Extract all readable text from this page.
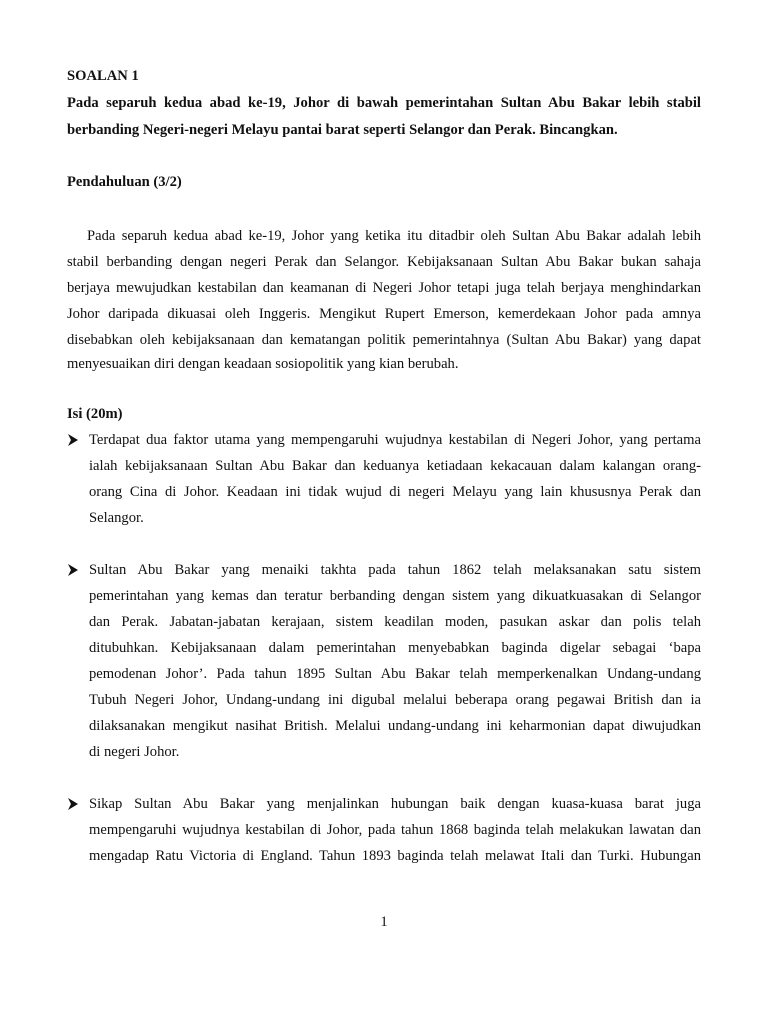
SOALAN 1
Pada separuh kedua abad ke-19, Johor di bawah pemerintahan Sultan Abu Bakar lebih stabil
berbanding Negeri-negeri Melayu pantai barat seperti Selangor dan Perak. Bincangkan.
Pendahuluan (3/2)
Pada separuh kedua abad ke-19, Johor yang ketika itu ditadbir oleh Sultan Abu Bakar adalah lebih
stabil berbanding dengan negeri Perak dan Selangor. Kebijaksanaan Sultan Abu Bakar bukan sahaja
berjaya mewujudkan kestabilan dan keamanan di Negeri Johor tetapi juga telah berjaya menghindarkan
Johor daripada dikuasai oleh Inggeris. Mengikut Rupert Emerson, kemerdekaan Johor pada amnya
disebabkan oleh kebijaksanaan dan kematangan politik pemerintahnya (Sultan Abu Bakar) yang dapat
menyesuaikan diri dengan keadaan sosiopolitik yang kian berubah.
Isi (20m)
Terdapat dua faktor utama yang mempengaruhi wujudnya kestabilan di Negeri Johor, yang pertama
ialah kebijaksanaan Sultan Abu Bakar dan keduanya ketiadaan kekacauan dalam kalangan orang-
orang Cina di Johor. Keadaan ini tidak wujud di negeri Melayu yang lain khususnya Perak dan
Selangor.
Sultan Abu Bakar yang menaiki takhta pada tahun 1862 telah melaksanakan satu sistem
pemerintahan yang kemas dan teratur berbanding dengan sistem yang dikuatkuasakan di Selangor
dan Perak. Jabatan-jabatan kerajaan, sistem keadilan moden, pasukan askar dan polis telah
ditubuhkan. Kebijaksanaan dalam pemerintahan menyebabkan baginda digelar sebagai ‘bapa
pemodenan Johor’. Pada tahun 1895 Sultan Abu Bakar telah memperkenalkan Undang-undang
Tubuh Negeri Johor, Undang-undang ini digubal melalui beberapa orang pegawai British dan ia
dilaksanakan mengikut nasihat British. Melalui undang-undang ini keharmonian dapat diwujudkan
di negeri Johor.
Sikap Sultan Abu Bakar yang menjalinkan hubungan baik dengan kuasa-kuasa barat juga
mempengaruhi wujudnya kestabilan di Johor, pada tahun 1868 baginda telah melakukan lawatan dan
mengadap Ratu Victoria di England. Tahun 1893 baginda telah melawat Itali dan Turki. Hubungan
1
